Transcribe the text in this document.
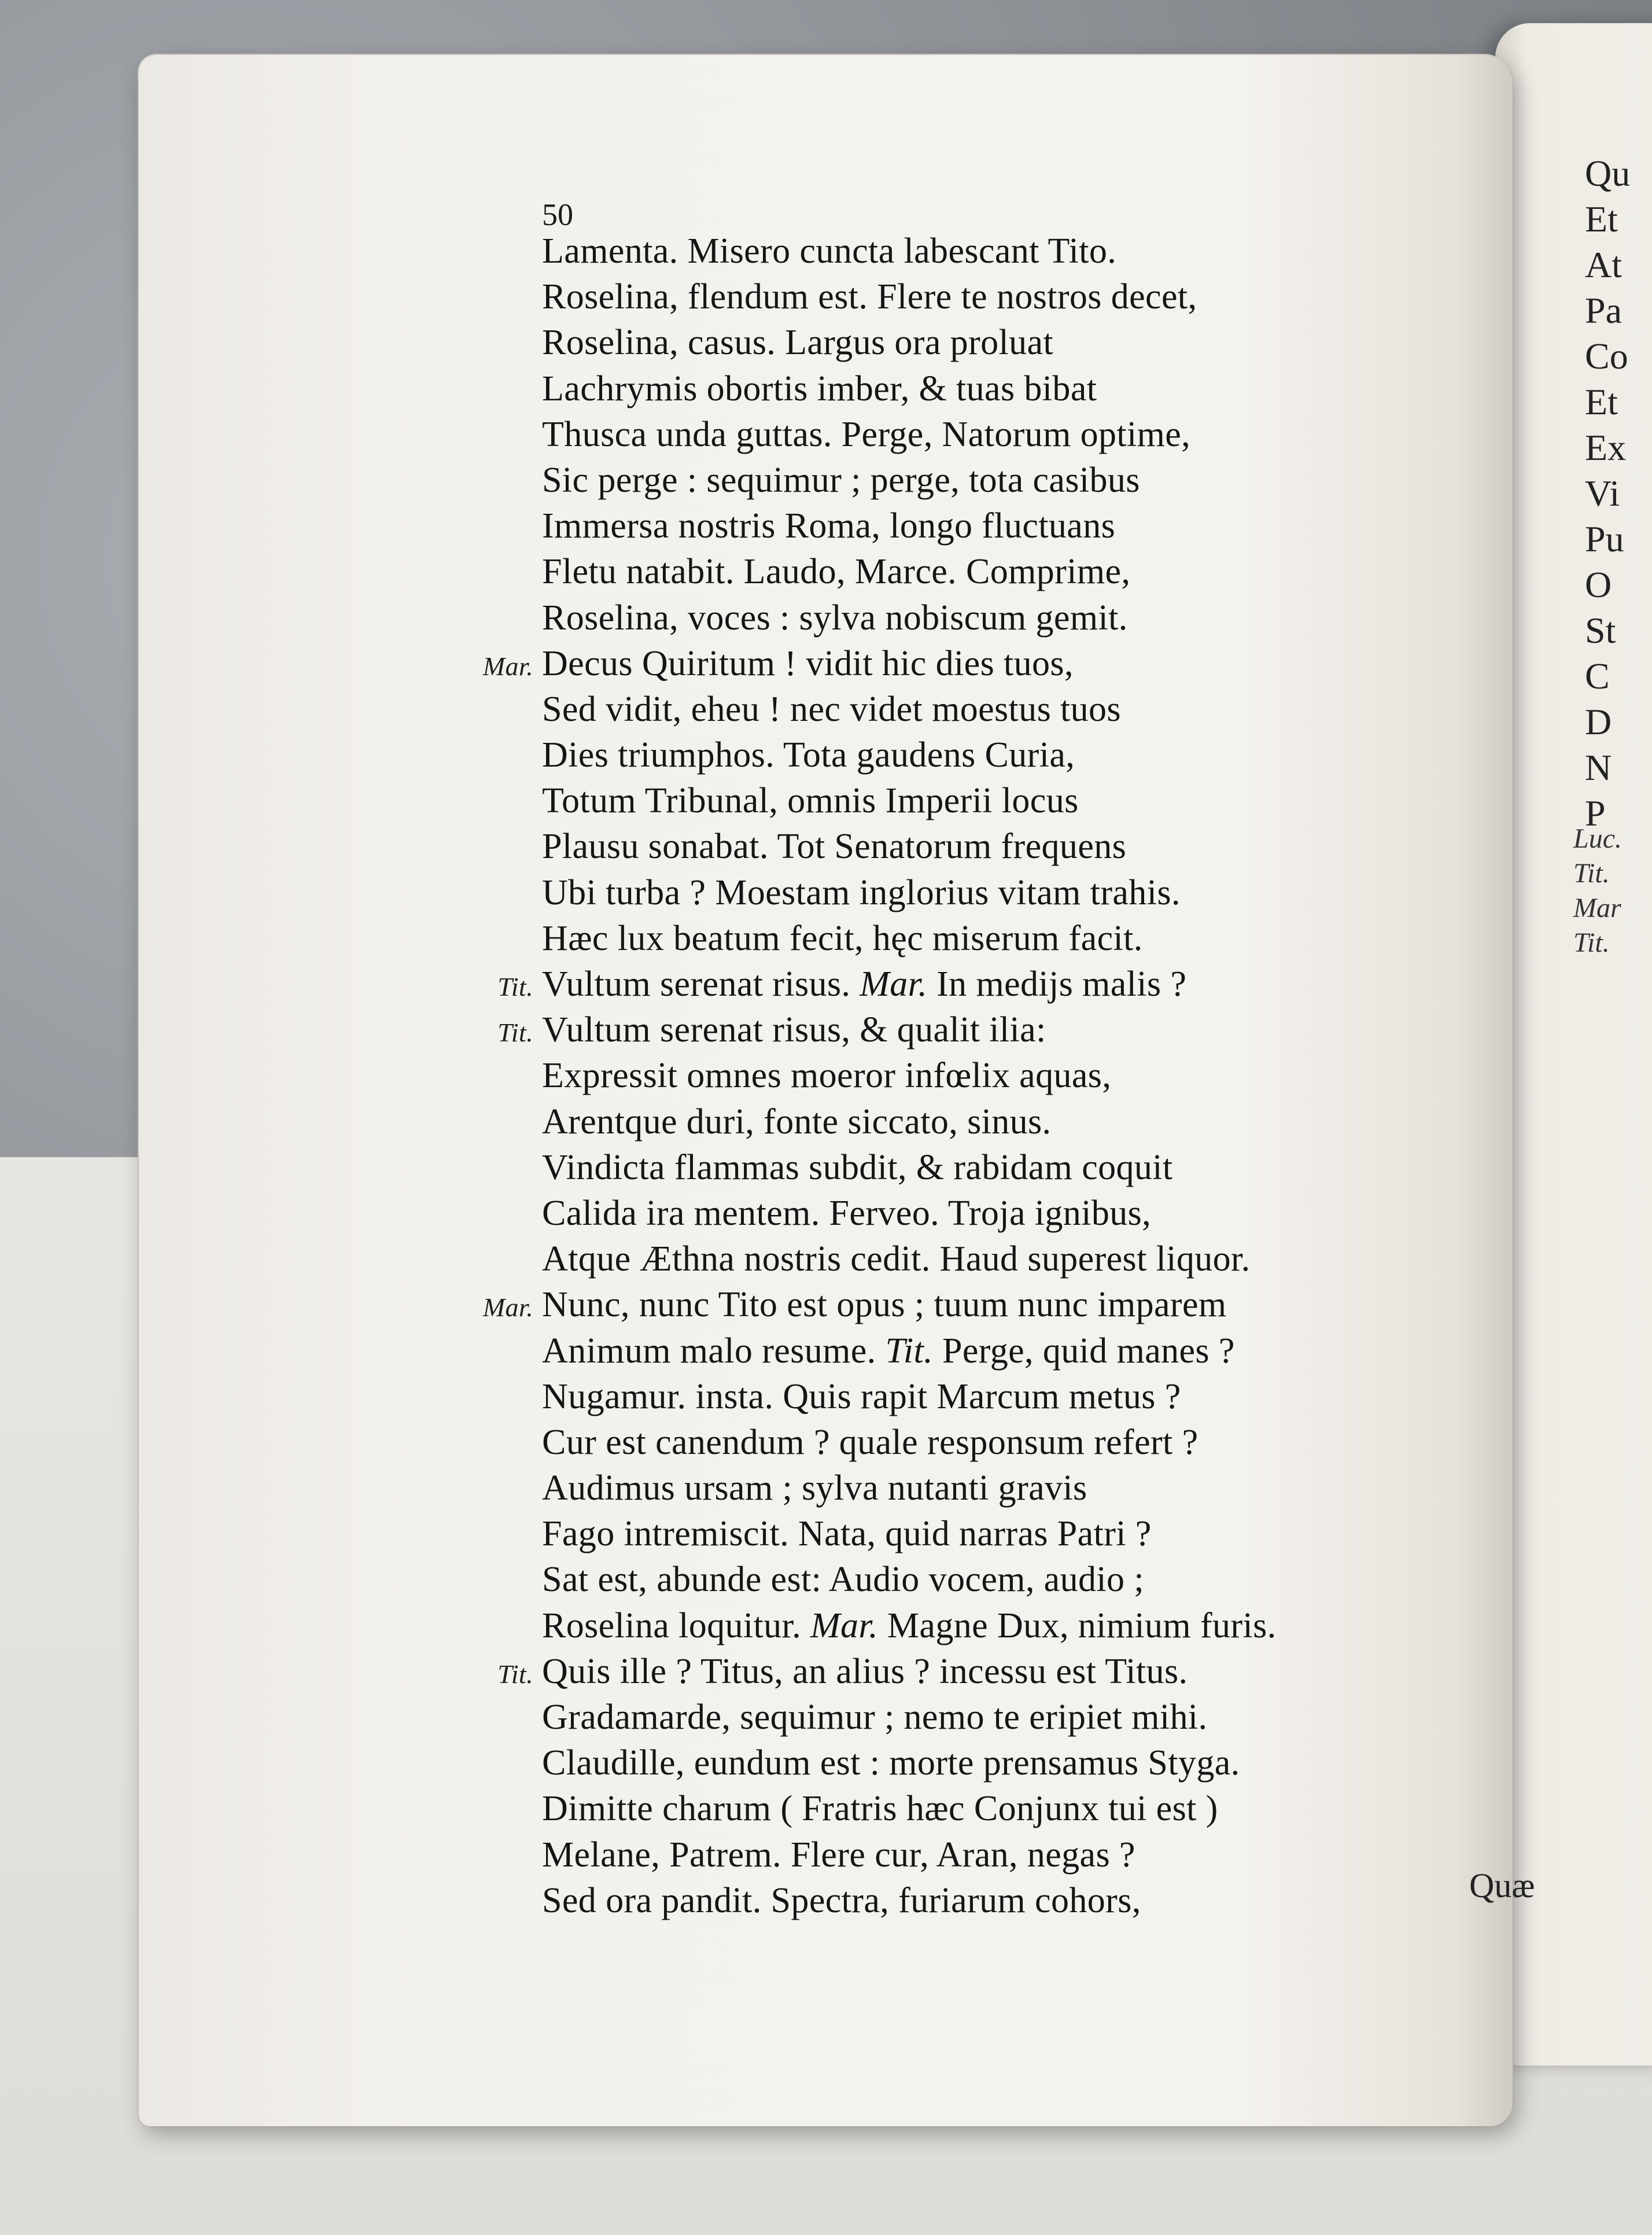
Qu
Et
At
Pa
Co
Et
Ex
Vi
Pu
O
St
C
D
N
P
Luc.
Tit.
Mar
Tit.
50
Lamenta. Misero cuncta labescant Tito.
Roselina, flendum est. Flere te nostros decet,
Roselina, casus. Largus ora proluat
Lachrymis obortis imber, & tuas bibat
Thusca unda guttas. Perge, Natorum optime,
Sic perge : sequimur ; perge, tota casibus
Immersa nostris Roma, longo fluctuans
Fletu natabit. Laudo, Marce. Comprime,
Roselina, voces : sylva nobiscum gemit.
Mar. Decus Quiritum ! vidit hic dies tuos,
Sed vidit, eheu ! nec videt moestus tuos
Dies triumphos. Tota gaudens Curia,
Totum Tribunal, omnis Imperii locus
Plausu sonabat. Tot Senatorum frequens
Ubi turba ? Moestam inglorius vitam trahis.
Hæc lux beatum fecit, hęc miserum facit.
Tit. Vultum serenat risus. Mar. In medijs malis ?
Tit. Vultum serenat risus, & qualit ilia:
Expressit omnes moeror infœlix aquas,
Arentque duri, fonte siccato, sinus.
Vindicta flammas subdit, & rabidam coquit
Calida ira mentem. Ferveo. Troja ignibus,
Atque Æthna nostris cedit. Haud superest liquor.
Mar. Nunc, nunc Tito est opus ; tuum nunc imparem
Animum malo resume. Tit. Perge, quid manes ?
Nugamur. insta. Quis rapit Marcum metus ?
Cur est canendum ? quale responsum refert ?
Audimus ursam ; sylva nutanti gravis
Fago intremiscit. Nata, quid narras Patri ?
Sat est, abunde est: Audio vocem, audio ;
Roselina loquitur. Mar. Magne Dux, nimium furis.
Tit. Quis ille ? Titus, an alius ? incessu est Titus.
Gradamarde, sequimur ; nemo te eripiet mihi.
Claudille, eundum est : morte prensamus Styga.
Dimitte charum ( Fratris hæc Conjunx tui est )
Melane, Patrem. Flere cur, Aran, negas ?
Sed ora pandit. Spectra, furiarum cohors,	Quæ
